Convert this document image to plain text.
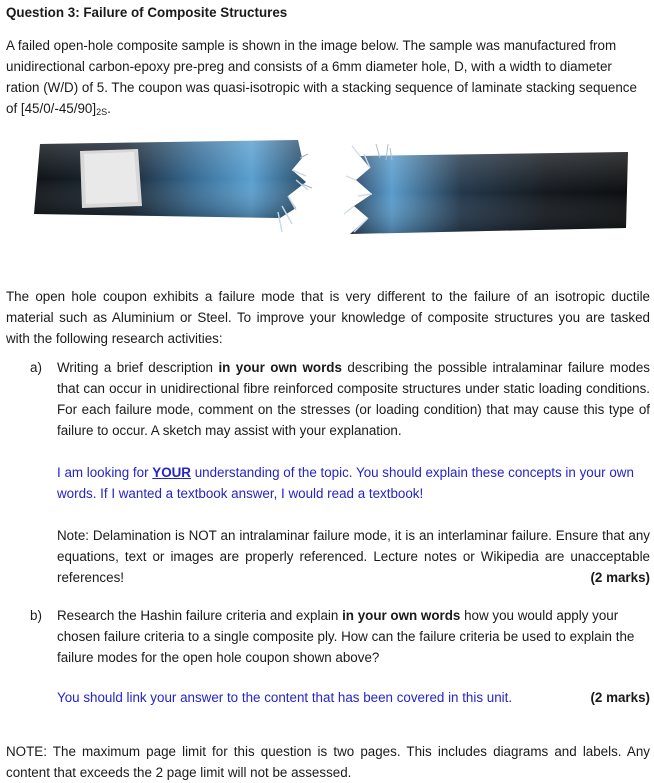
Question 3: Failure of Composite Structures

A failed open-hole composite sample is shown in the image below. The sample was manufactured from unidirectional carbon-epoxy pre-preg and consists of a 6mm diameter hole, D, with a width to diameter ration (W/D) of 5. The coupon was quasi-isotropic with a stacking sequence of laminate stacking sequence of $[45/0/-45/90]_{2S}$.

The open hole coupon exhibits a failure mode that is very different to the failure of an isotropic ductile material such as Aluminium or Steel. To improve your knowledge of composite structures you are tasked with the following research activities:

a)	Writing a brief description in your own words describing the possible intralaminar failure modes that can occur in unidirectional fibre reinforced composite structures under static loading conditions. For each failure mode, comment on the stresses (or loading condition) that may cause this type of failure to occur. A sketch may assist with your explanation.

I am looking for YOUR understanding of the topic. You should explain these concepts in your own words. If I wanted a textbook answer, I would read a textbook!

Note: Delamination is NOT an intralaminar failure mode, it is an interlaminar failure. Ensure that any equations, text or images are properly referenced. Lecture notes or Wikipedia are unacceptable references!	(2 marks)

b)	Research the Hashin failure criteria and explain in your own words how you would apply your chosen failure criteria to a single composite ply. How can the failure criteria be used to explain the failure modes for the open hole coupon shown above?

You should link your answer to the content that has been covered in this unit.	(2 marks)

NOTE: The maximum page limit for this question is two pages. This includes diagrams and labels. Any content that exceeds the 2 page limit will not be assessed.
